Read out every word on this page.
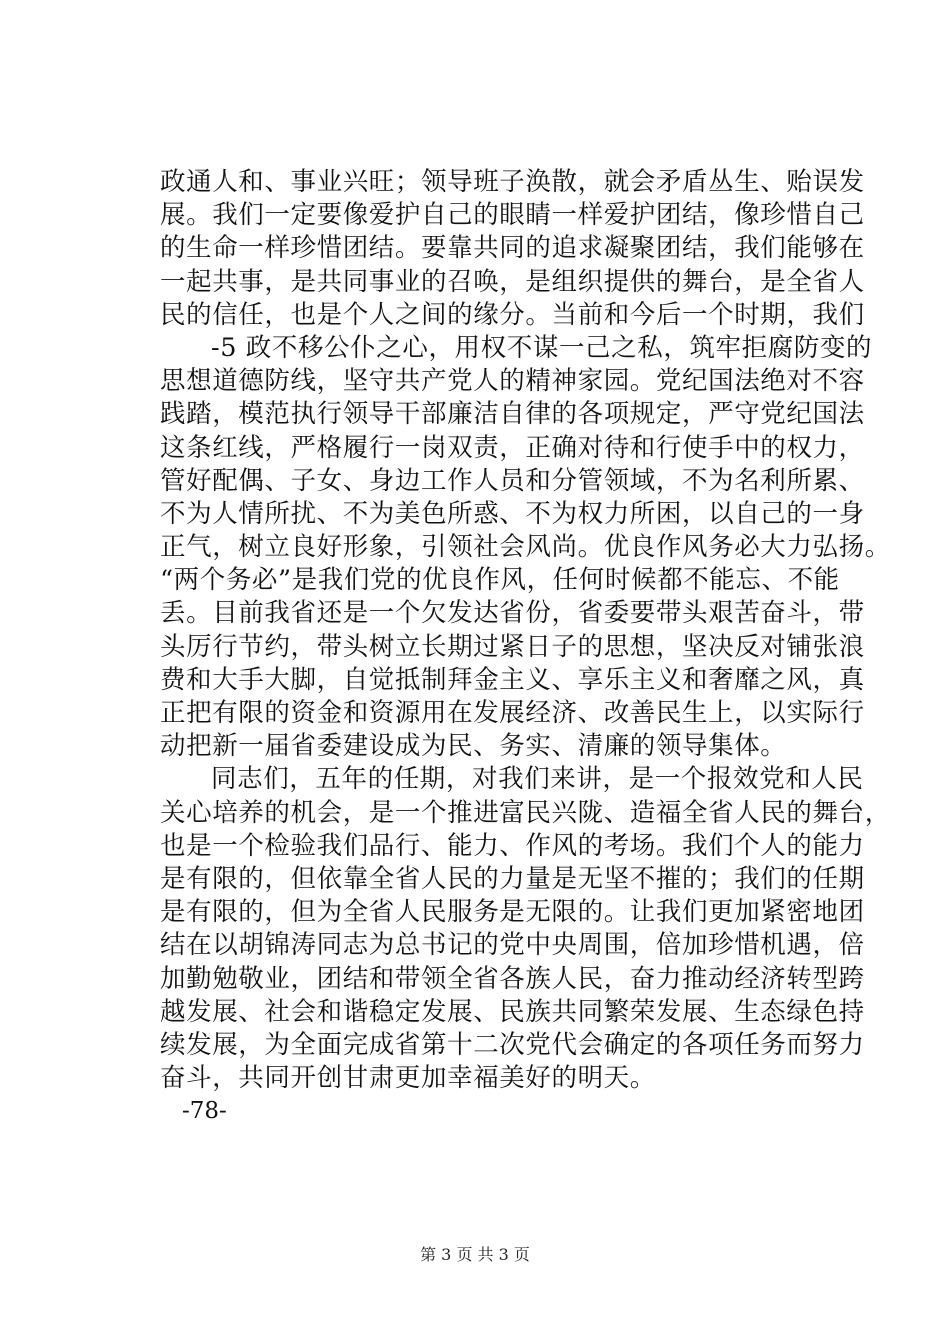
政通人和、事业兴旺；领导班子涣散，就会矛盾丛生、贻误发
展。我们一定要像爱护自己的眼睛一样爱护团结，像珍惜自己
的生命一样珍惜团结。要靠共同的追求凝聚团结，我们能够在
一起共事，是共同事业的召唤，是组织提供的舞台，是全省人
民的信任，也是个人之间的缘分。当前和今后一个时期，我们
-5 政不移公仆之心，用权不谋一己之私，筑牢拒腐防变的
思想道德防线，坚守共产党人的精神家园。党纪国法绝对不容
践踏，模范执行领导干部廉洁自律的各项规定，严守党纪国法
这条红线，严格履行一岗双责，正确对待和行使手中的权力，
管好配偶、子女、身边工作人员和分管领域，不为名利所累、
不为人情所扰、不为美色所惑、不为权力所困，以自己的一身
正气，树立良好形象，引领社会风尚。优良作风务必大力弘扬。
“两个务必”是我们党的优良作风，任何时候都不能忘、不能
丢。目前我省还是一个欠发达省份，省委要带头艰苦奋斗，带
头厉行节约，带头树立长期过紧日子的思想，坚决反对铺张浪
费和大手大脚，自觉抵制拜金主义、享乐主义和奢靡之风，真
正把有限的资金和资源用在发展经济、改善民生上，以实际行
动把新一届省委建设成为民、务实、清廉的领导集体。
同志们，五年的任期，对我们来讲，是一个报效党和人民
关心培养的机会，是一个推进富民兴陇、造福全省人民的舞台，
也是一个检验我们品行、能力、作风的考场。我们个人的能力
是有限的，但依靠全省人民的力量是无坚不摧的；我们的任期
是有限的，但为全省人民服务是无限的。让我们更加紧密地团
结在以胡锦涛同志为总书记的党中央周围，倍加珍惜机遇，倍
加勤勉敬业，团结和带领全省各族人民，奋力推动经济转型跨
越发展、社会和谐稳定发展、民族共同繁荣发展、生态绿色持
续发展，为全面完成省第十二次党代会确定的各项任务而努力
奋斗，共同开创甘肃更加幸福美好的明天。
-78-
第 3 页 共 3 页
